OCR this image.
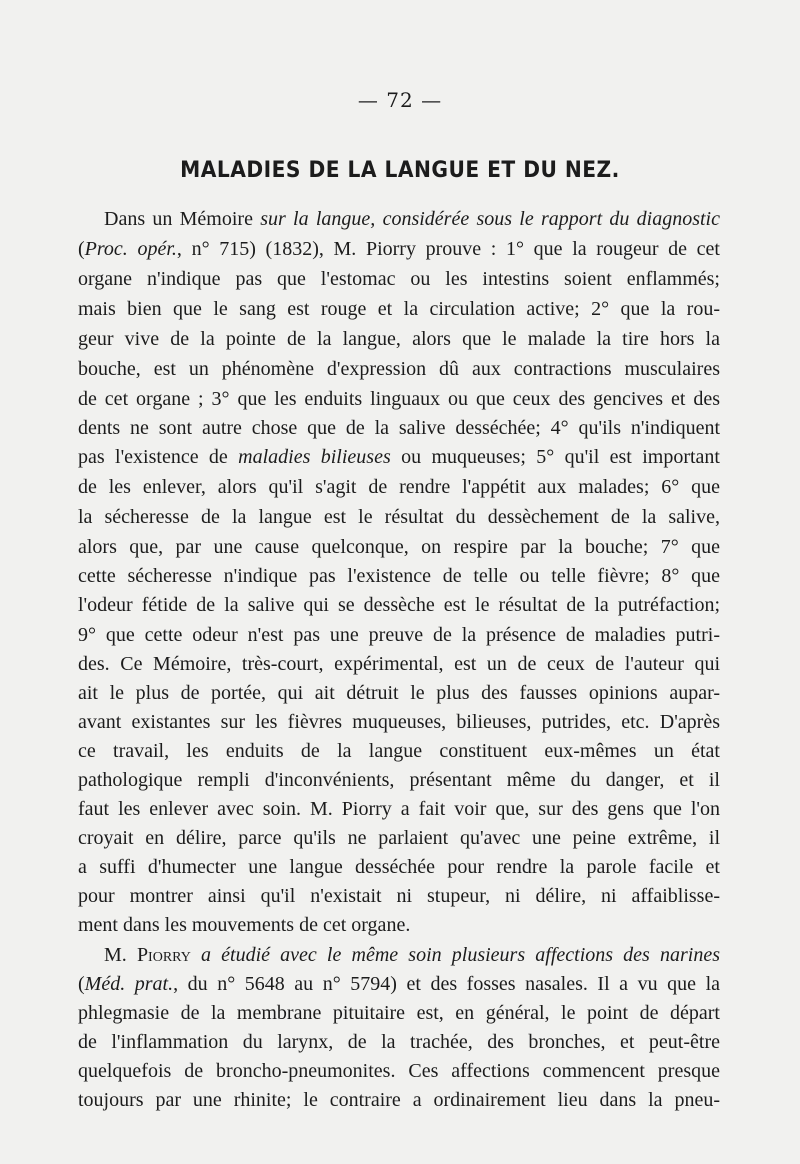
— 72 —
MALADIES DE LA LANGUE ET DU NEZ.
Dans un Mémoire sur la langue, considérée sous le rapport du diagnostic
(Proc. opér., n° 715) (1832), M. Piorry prouve : 1° que la rougeur de cet
organe n'indique pas que l'estomac ou les intestins soient enflammés;
mais bien que le sang est rouge et la circulation active; 2° que la rou-
geur vive de la pointe de la langue, alors que le malade la tire hors la
bouche, est un phénomène d'expression dû aux contractions musculaires
de cet organe ; 3° que les enduits linguaux ou que ceux des gencives et des
dents ne sont autre chose que de la salive desséchée; 4° qu'ils n'indiquent
pas l'existence de maladies bilieuses ou muqueuses; 5° qu'il est important
de les enlever, alors qu'il s'agit de rendre l'appétit aux malades; 6° que
la sécheresse de la langue est le résultat du dessèchement de la salive,
alors que, par une cause quelconque, on respire par la bouche; 7° que
cette sécheresse n'indique pas l'existence de telle ou telle fièvre; 8° que
l'odeur fétide de la salive qui se dessèche est le résultat de la putréfaction;
9° que cette odeur n'est pas une preuve de la présence de maladies putri-
des. Ce Mémoire, très-court, expérimental, est un de ceux de l'auteur qui
ait le plus de portée, qui ait détruit le plus des fausses opinions aupar-
avant existantes sur les fièvres muqueuses, bilieuses, putrides, etc. D'après
ce travail, les enduits de la langue constituent eux-mêmes un état
pathologique rempli d'inconvénients, présentant même du danger, et il
faut les enlever avec soin. M. Piorry a fait voir que, sur des gens que l'on
croyait en délire, parce qu'ils ne parlaient qu'avec une peine extrême, il
a suffi d'humecter une langue desséchée pour rendre la parole facile et
pour montrer ainsi qu'il n'existait ni stupeur, ni délire, ni affaiblisse-
ment dans les mouvements de cet organe.
M. Piorry a étudié avec le même soin plusieurs affections des narines
(Méd. prat., du n° 5648 au n° 5794) et des fosses nasales. Il a vu que la
phlegmasie de la membrane pituitaire est, en général, le point de départ
de l'inflammation du larynx, de la trachée, des bronches, et peut-être
quelquefois de broncho-pneumonites. Ces affections commencent presque
toujours par une rhinite; le contraire a ordinairement lieu dans la pneu-
